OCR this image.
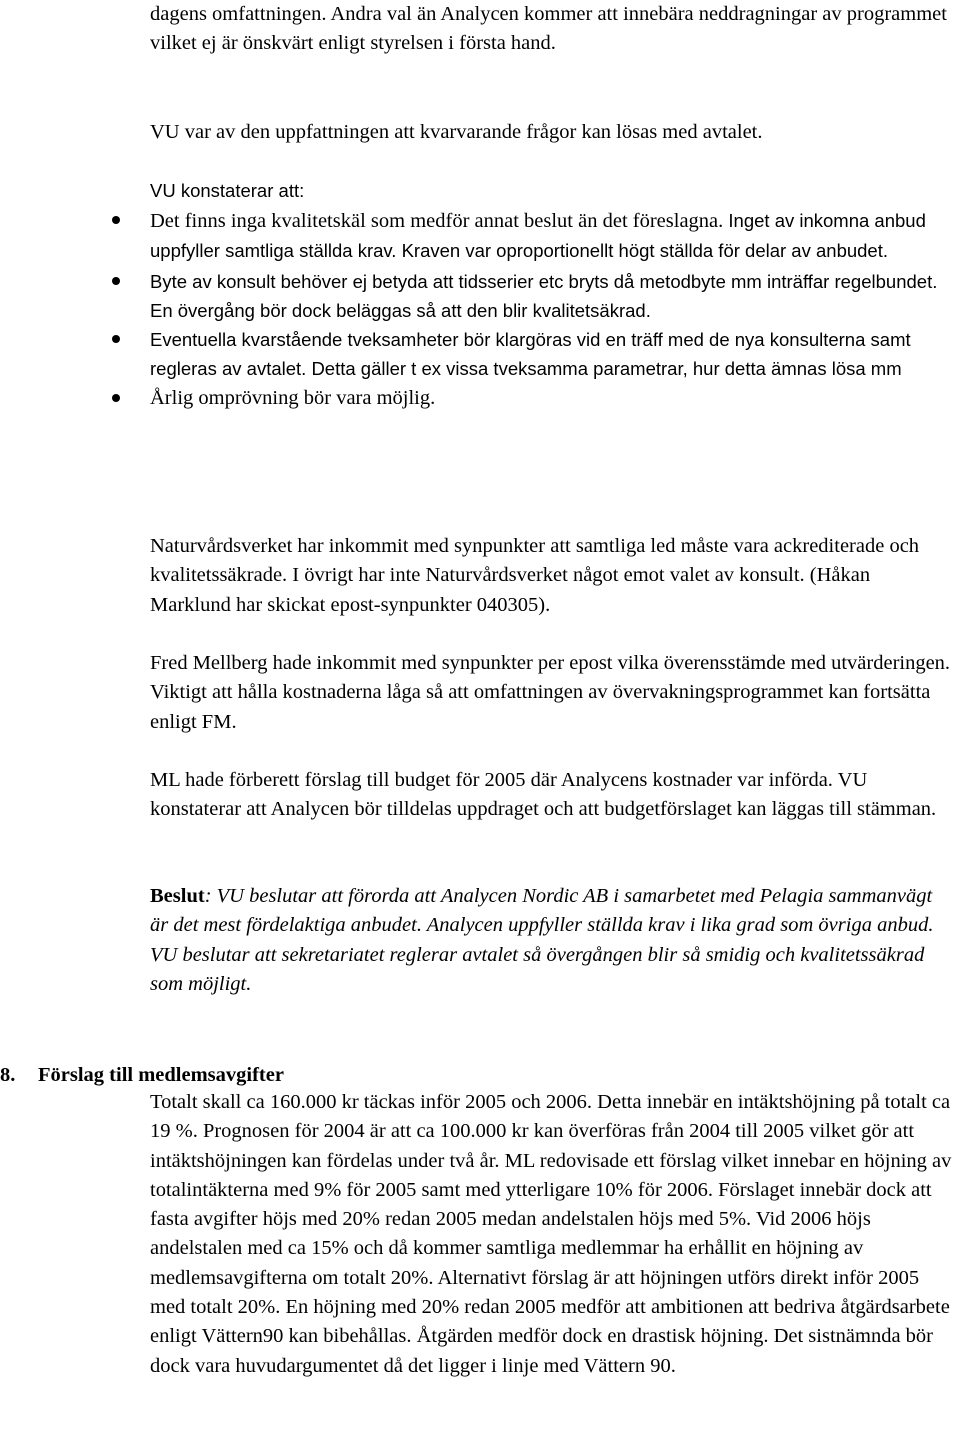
dagens omfattningen. Andra val än Analycen kommer att innebära neddragningar av programmet vilket ej är önskvärt enligt styrelsen i första hand.

VU var av den uppfattningen att kvarvarande frågor kan lösas med avtalet.

VU konstaterar att:

Det finns inga kvalitetskäl som medför annat beslut än det föreslagna. Inget av inkomna anbud uppfyller samtliga ställda krav. Kraven var oproportionellt högt ställda för delar av anbudet.
Byte av konsult behöver ej betyda att tidsserier etc bryts då metodbyte mm inträffar regelbundet. En övergång bör dock beläggas så att den blir kvalitetsäkrad.
Eventuella kvarstående tveksamheter bör klargöras vid en träff med de nya konsulterna samt regleras av avtalet. Detta gäller t ex vissa tveksamma parametrar, hur detta ämnas lösa mm
Årlig omprövning bör vara möjlig.

Naturvårdsverket har inkommit med synpunkter att samtliga led måste vara ackrediterade och kvalitetssäkrade. I övrigt har inte Naturvårdsverket något emot valet av konsult. (Håkan Marklund har skickat epost-synpunkter 040305).

Fred Mellberg hade inkommit med synpunkter per epost vilka överensstämde med utvärderingen. Viktigt att hålla kostnaderna låga så att omfattningen av övervakningsprogrammet kan fortsätta enligt FM.

ML hade förberett förslag till budget för 2005 där Analycens kostnader var införda. VU konstaterar att Analycen bör tilldelas uppdraget och att budgetförslaget kan läggas till stämman.

Beslut: VU beslutar att förorda att Analycen Nordic AB i samarbetet med Pelagia sammanvägt är det mest fördelaktiga anbudet. Analycen uppfyller ställda krav i lika grad som övriga anbud. VU beslutar att sekretariatet reglerar avtalet så övergången blir så smidig och kvalitetssäkrad som möjligt.

8. Förslag till medlemsavgifter

Totalt skall ca 160.000 kr täckas inför 2005 och 2006. Detta innebär en intäktshöjning på totalt ca 19 %. Prognosen för 2004 är att ca 100.000 kr kan överföras från 2004 till 2005 vilket gör att intäktshöjningen kan fördelas under två år. ML redovisade ett förslag vilket innebar en höjning av totalintäkterna med 9% för 2005 samt med ytterligare 10% för 2006. Förslaget innebär dock att fasta avgifter höjs med 20% redan 2005 medan andelstalen höjs med 5%. Vid 2006 höjs andelstalen med ca 15% och då kommer samtliga medlemmar ha erhållit en höjning av medlemsavgifterna om totalt 20%. Alternativt förslag är att höjningen utförs direkt inför 2005 med totalt 20%. En höjning med 20% redan 2005 medför att ambitionen att bedriva åtgärdsarbete enligt Vättern90 kan bibehållas. Åtgärden medför dock en drastisk höjning. Det sistnämnda bör dock vara huvudargumentet då det ligger i linje med Vättern 90.
